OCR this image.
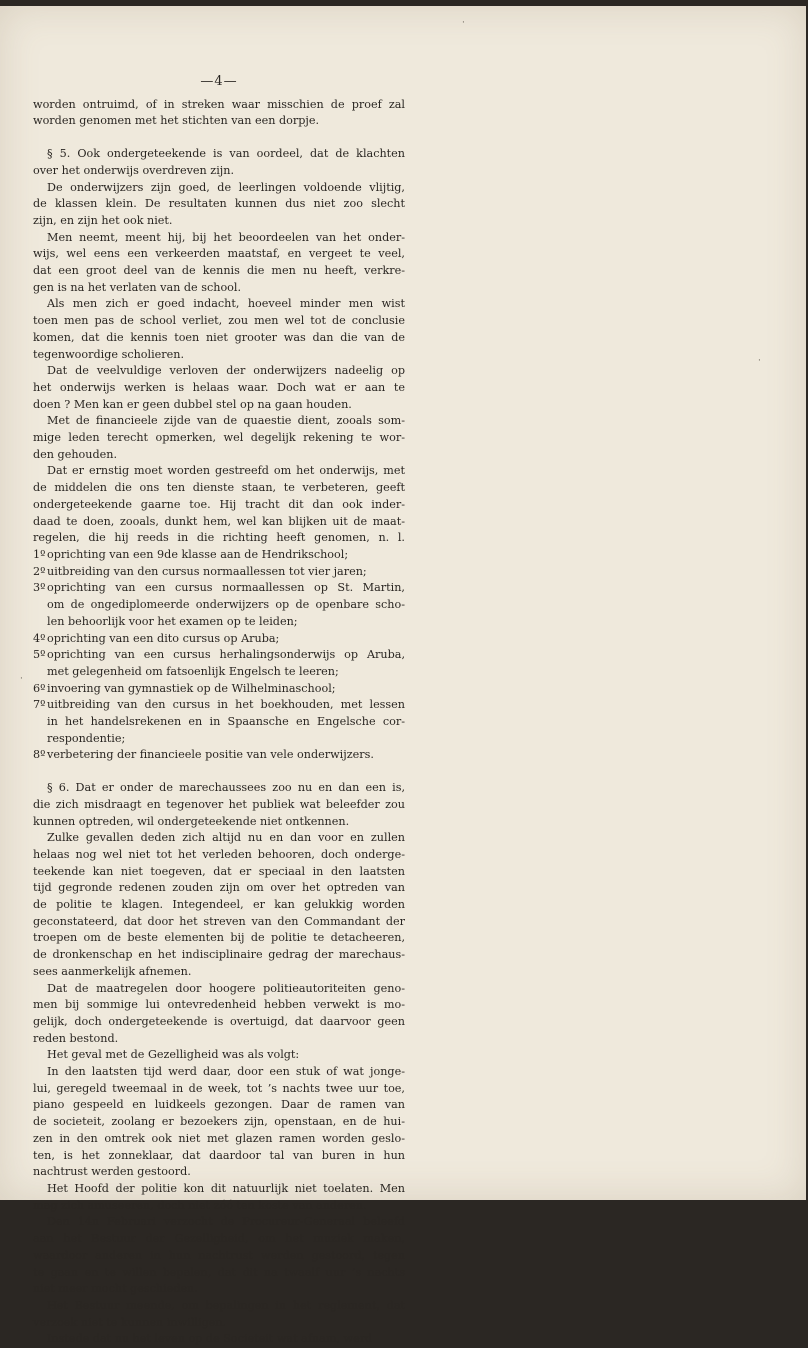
·
·
·
—4—
worden ontruimd, of in streken waar misschien de proef zal
worden genomen met het stichten van een dorpje.
§ 5. Ook ondergeteekende is van oordeel, dat de klachten
over het onderwijs overdreven zijn.
De onderwijzers zijn goed, de leerlingen voldoende vlijtig,
de klassen klein. De resultaten kunnen dus niet zoo slecht
zijn, en zijn het ook niet.
Men neemt, meent hij, bij het beoordeelen van het onder-
wijs, wel eens een verkeerden maatstaf, en vergeet te veel,
dat een groot deel van de kennis die men nu heeft, verkre-
gen is na het verlaten van de school.
Als men zich er goed indacht, hoeveel minder men wist
toen men pas de school verliet, zou men wel tot de conclusie
komen, dat die kennis toen niet grooter was dan die van de
tegenwoordige scholieren.
Dat de veelvuldige verloven der onderwijzers nadeelig op
het onderwijs werken is helaas waar. Doch wat er aan te
doen ? Men kan er geen dubbel stel op na gaan houden.
Met de financieele zijde van de quaestie dient, zooals som-
mige leden terecht opmerken, wel degelijk rekening te wor-
den gehouden.
Dat er ernstig moet worden gestreefd om het onderwijs, met
de middelen die ons ten dienste staan, te verbeteren, geeft
ondergeteekende gaarne toe. Hij tracht dit dan ook inder-
daad te doen, zooals, dunkt hem, wel kan blijken uit de maat-
regelen, die hij reeds in die richting heeft genomen, n. l.
1º oprichting van een 9de klasse aan de Hendrikschool;
2º uitbreiding van den cursus normaallessen tot vier jaren;
3º oprichting van een cursus normaallessen op St. Martin,
om de ongediplomeerde onderwijzers op de openbare scho-
len behoorlijk voor het examen op te leiden;
4º oprichting van een dito cursus op Aruba;
5º oprichting van een cursus herhalingsonderwijs op Aruba,
met gelegenheid om fatsoenlijk Engelsch te leeren;
6º invoering van gymnastiek op de Wilhelminaschool;
7º uitbreiding van den cursus in het boekhouden, met lessen
in het handelsrekenen en in Spaansche en Engelsche cor-
respondentie;
8º verbetering der financieele positie van vele onderwijzers.
§ 6. Dat er onder de marechaussees zoo nu en dan een is,
die zich misdraagt en tegenover het publiek wat beleefder zou
kunnen optreden, wil ondergeteekende niet ontkennen.
Zulke gevallen deden zich altijd nu en dan voor en zullen
helaas nog wel niet tot het verleden behooren, doch onderge-
teekende kan niet toegeven, dat er speciaal in den laatsten
tijd gegronde redenen zouden zijn om over het optreden van
de politie te klagen. Integendeel, er kan gelukkig worden
geconstateerd, dat door het streven van den Commandant der
troepen om de beste elementen bij de politie te detacheeren,
de dronkenschap en het indisciplinaire gedrag der marechaus-
sees aanmerkelijk afnemen.
Dat de maatregelen door hoogere politieautoriteiten geno-
men bij sommige lui ontevredenheid hebben verwekt is mo-
gelijk, doch ondergeteekende is overtuigd, dat daarvoor geen
reden bestond.
Het geval met de Gezelligheid was als volgt:
In den laatsten tijd werd daar, door een stuk of wat jonge-
lui, geregeld tweemaal in de week, tot ’s nachts twee uur toe,
piano gespeeld en luidkeels gezongen. Daar de ramen van
de societeit, zoolang er bezoekers zijn, openstaan, en de hui-
zen in den omtrek ook niet met glazen ramen worden geslo-
ten, is het zonneklaar, dat daardoor tal van buren in hun
nachtrust werden gestoord.
Het Hoofd der politie kon dit natuurlijk niet toelaten. Men
mag zich amuseeren, doch niet zóó ten koste van anderen.
Den 14n Februari verzocht de Procureur-Generaal beleefd
aan het Bestuur der Gezelligheid, om het muziek maken,
waardoor anderen in hun nachtrust werden gestoord, tegen
te gaan en te willen bepalen, dat dit na twaalf uur ’s nachts
niet meer mocht geschieden.
Het Bestuur meende, om bepalingen in het reglement, dat
verzoek niet te kunnen inwilligen.
Instede dat nu het leven op de Societeit wat afnam, werd
